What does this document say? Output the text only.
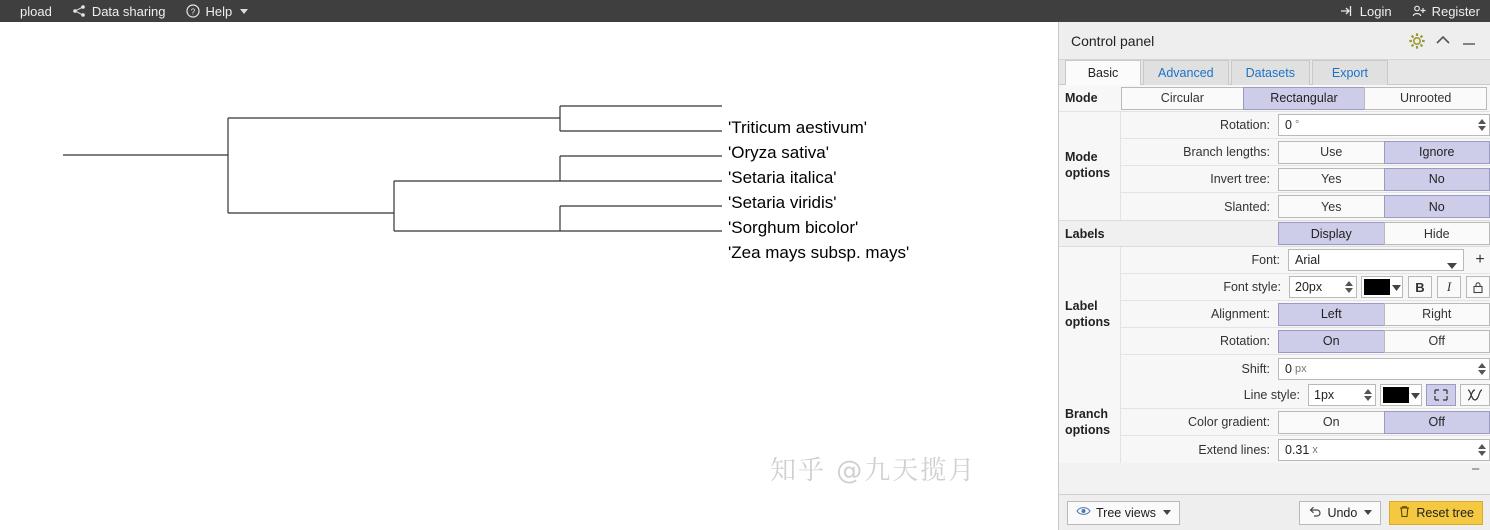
pload	Data sharing	? Help	Login	Register
'Triticum aestivum'
'Oryza sativa'
'Setaria italica'
'Setaria viridis'
'Sorghum bicolor'
'Zea mays subsp. mays'
知乎 @九天揽月
Control panel
Basic	Advanced	Datasets	Export
Mode	Circular	Rectangular	Unrooted
Mode
options
Rotation:	0 °
Branch lengths:	Use	Ignore
Invert tree:	Yes	No
Slanted:	Yes	No
Labels	Display	Hide
Label
options
Font:	Arial	+
Font style:	20 px	B	I
Alignment:	Left	Right
Rotation:	On	Off
Shift:	0 px
Branch
options
Line style:	1 px
Color gradient:	On	Off
Extend lines:	0.31 x
−
Tree views	Undo	Reset tree
